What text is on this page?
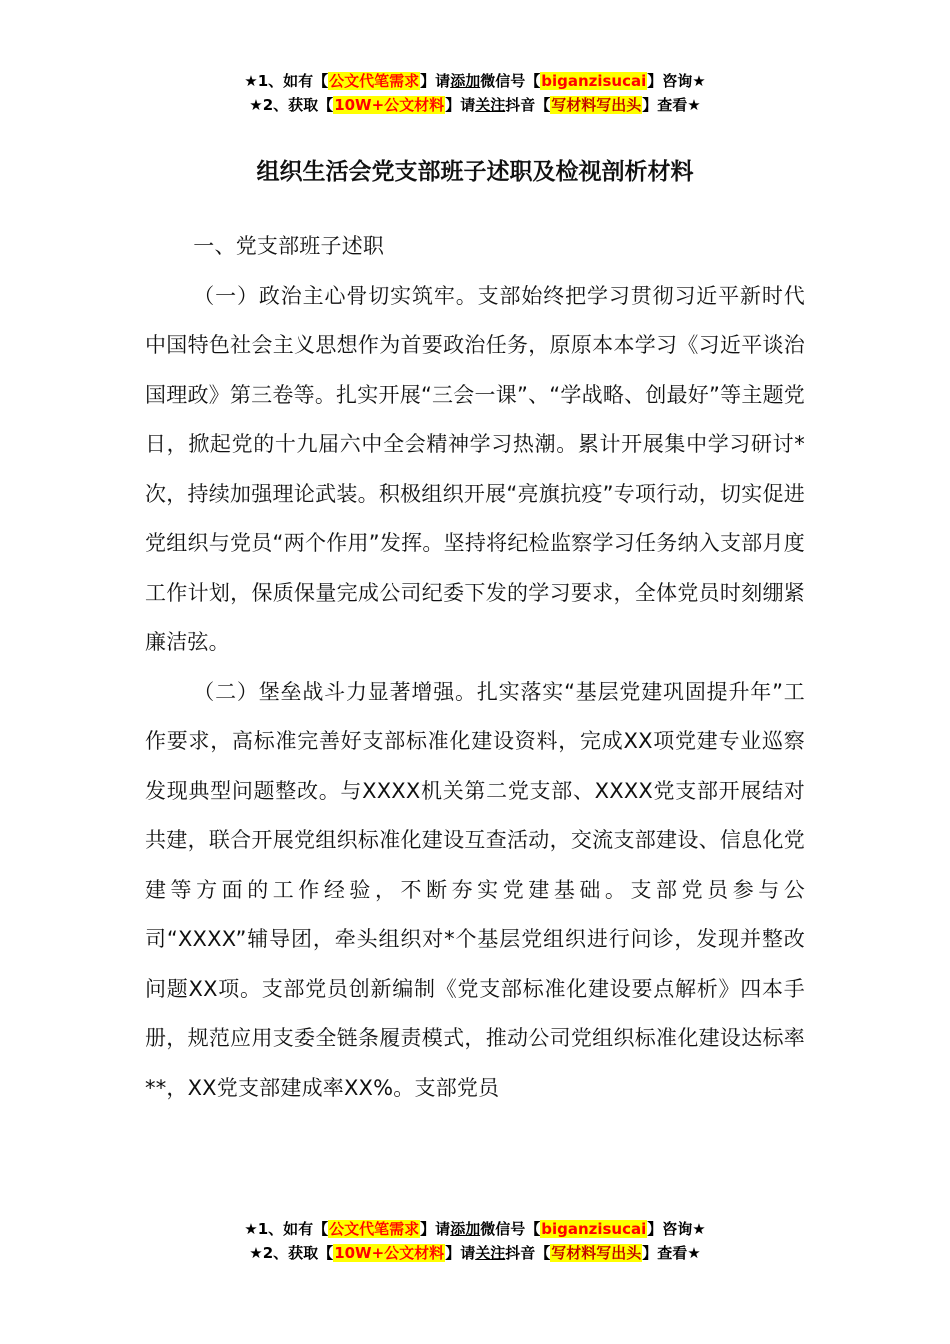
★1、如有【公文代笔需求】请添加微信号【biganzisucai】咨询★
★2、获取【10W+公文材料】请关注抖音【写材料写出头】查看★
组织生活会党支部班子述职及检视剖析材料

一、党支部班子述职

（一）政治主心骨切实筑牢。支部始终把学习贯彻习近平新时代中国特色社会主义思想作为首要政治任务，原原本本学习《习近平谈治国理政》第三卷等。扎实开展“三会一课”、“学战略、创最好”等主题党日，掀起党的十九届六中全会精神学习热潮。累计开展集中学习研讨*次，持续加强理论武装。积极组织开展“亮旗抗疫”专项行动，切实促进党组织与党员“两个作用”发挥。坚持将纪检监察学习任务纳入支部月度工作计划，保质保量完成公司纪委下发的学习要求，全体党员时刻绷紧廉洁弦。

（二）堡垒战斗力显著增强。扎实落实“基层党建巩固提升年”工作要求，高标准完善好支部标准化建设资料，完成XX项党建专业巡察发现典型问题整改。与XXXX机关第二党支部、XXXX党支部开展结对共建，联合开展党组织标准化建设互查活动，交流支部建设、信息化党建等方面的工作经验，不断夯实党建基础。支部党员参与公司“XXXX”辅导团，牵头组织对*个基层党组织进行问诊，发现并整改问题XX项。支部党员创新编制《党支部标准化建设要点解析》四本手册，规范应用支委全链条履责模式，推动公司党组织标准化建设达标率**，XX党支部建成率XX%。支部党员

★1、如有【公文代笔需求】请添加微信号【biganzisucai】咨询★
★2、获取【10W+公文材料】请关注抖音【写材料写出头】查看★
